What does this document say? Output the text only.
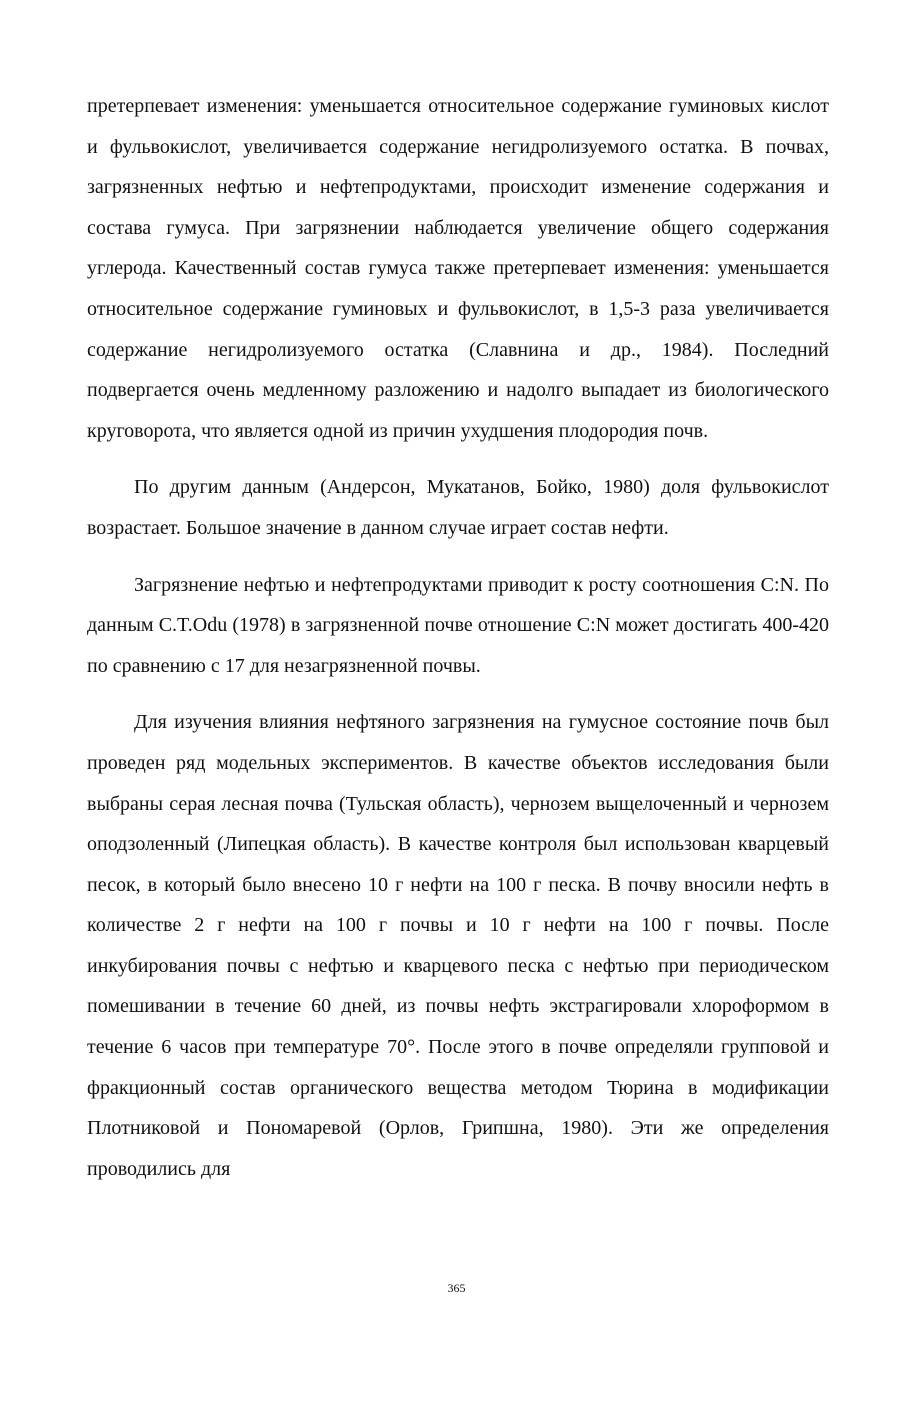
претерпевает изменения: уменьшается относительное содержание гуминовых кислот и фульвокислот, увеличивается содержание негидролизуемого остатка. В почвах, загрязненных нефтью и нефтепродуктами, происходит изменение содержания и состава гумуса. При загрязнении наблюдается увеличение общего содержания углерода. Качественный состав гумуса также претерпевает изменения: уменьшается относительное содержание гуминовых и фульвокислот, в 1,5-3 раза увеличивается содержание негидролизуемого остатка (Славнина и др., 1984). Последний подвергается очень медленному разложению и надолго выпадает из биологического круговорота, что является одной из причин ухудшения плодородия почв.

По другим данным (Андерсон, Мукатанов, Бойко, 1980) доля фульвокислот возрастает. Большое значение в данном случае играет состав нефти.

Загрязнение нефтью и нефтепродуктами приводит к росту соотношения C:N. По данным C.T.Odu (1978) в загрязненной почве отношение C:N может достигать 400-420 по сравнению с 17 для незагрязненной почвы.

Для изучения влияния нефтяного загрязнения на гумусное состояние почв был проведен ряд модельных экспериментов. В качестве объектов исследования были выбраны серая лесная почва (Тульская область), чернозем выщелоченный и чернозем оподзоленный (Липецкая область). В качестве контроля был использован кварцевый песок, в который было внесено 10 г нефти на 100 г песка. В почву вносили нефть в количестве 2 г нефти на 100 г почвы и 10 г нефти на 100 г почвы. После инкубирования почвы с нефтью и кварцевого песка с нефтью при периодическом помешивании в течение 60 дней, из почвы нефть экстрагировали хлороформом в течение 6 часов при температуре 70°. После этого в почве определяли групповой и фракционный состав органического вещества методом Тюрина в модификации Плотниковой и Пономаревой (Орлов, Грипшна, 1980). Эти же определения проводились для

365
